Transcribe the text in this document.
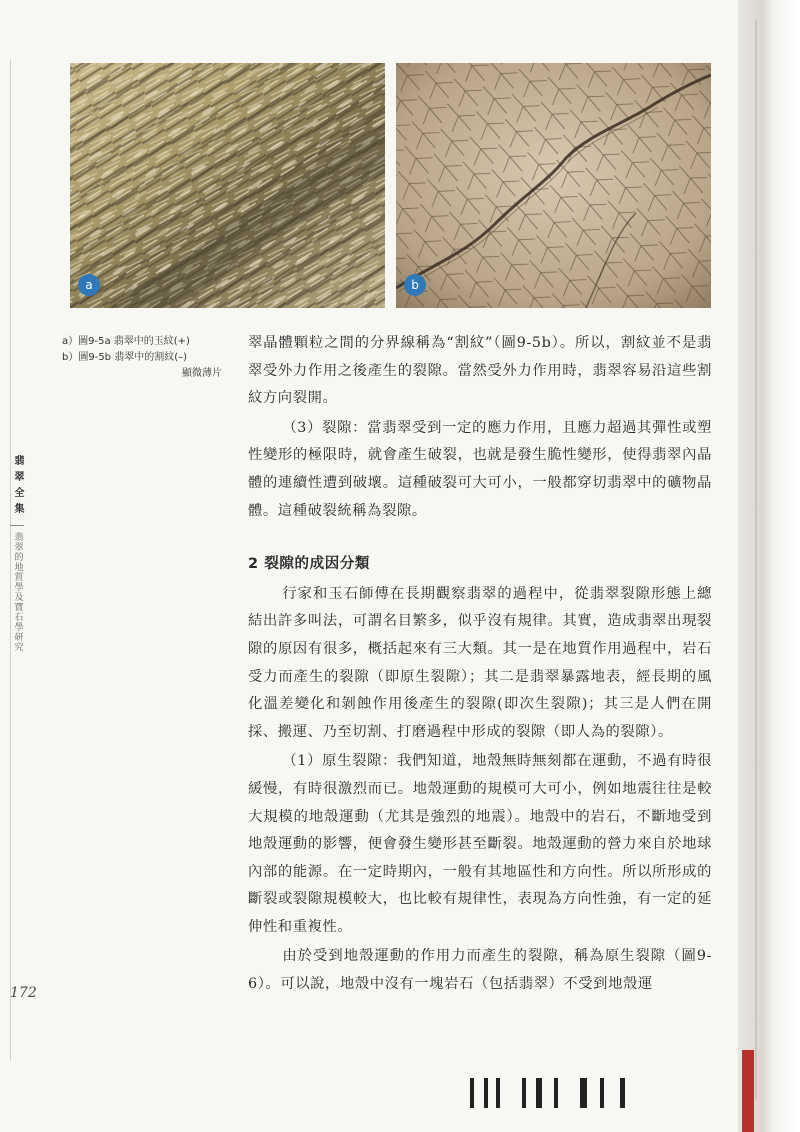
a	b
a）圖9-5a 翡翠中的玉紋(+)
b）圖9-5b 翡翠中的割紋(–)
顯微薄片
翡翠全集
翡翠的地質學及寶石學研究
172

翠晶體顆粒之間的分界線稱為“割紋”（圖9-5b）。所以，割紋並不是翡翠受外力作用之後產生的裂隙。當然受外力作用時，翡翠容易沿這些割紋方向裂開。

（3）裂隙：當翡翠受到一定的應力作用，且應力超過其彈性或塑性變形的極限時，就會產生破裂，也就是發生脆性變形，使得翡翠內晶體的連續性遭到破壞。這種破裂可大可小，一般都穿切翡翠中的礦物晶體。這種破裂統稱為裂隙。

2 裂隙的成因分類

行家和玉石師傅在長期觀察翡翠的過程中，從翡翠裂隙形態上總結出許多叫法，可謂名目繁多，似乎沒有規律。其實，造成翡翠出現裂隙的原因有很多，概括起來有三大類。其一是在地質作用過程中，岩石受力而產生的裂隙（即原生裂隙）；其二是翡翠暴露地表，經長期的風化溫差變化和剝蝕作用後產生的裂隙(即次生裂隙)；其三是人們在開採、搬運、乃至切割、打磨過程中形成的裂隙（即人為的裂隙）。

（1）原生裂隙：我們知道，地殼無時無刻都在運動，不過有時很緩慢，有時很激烈而已。地殼運動的規模可大可小，例如地震往往是較大規模的地殼運動（尤其是強烈的地震）。地殼中的岩石，不斷地受到地殼運動的影響，便會發生變形甚至斷裂。地殼運動的營力來自於地球內部的能源。在一定時期內，一般有其地區性和方向性。所以所形成的斷裂或裂隙規模較大，也比較有規律性，表現為方向性強，有一定的延伸性和重複性。

由於受到地殼運動的作用力而產生的裂隙，稱為原生裂隙（圖9-6）。可以說，地殼中沒有一塊岩石（包括翡翠）不受到地殼運
